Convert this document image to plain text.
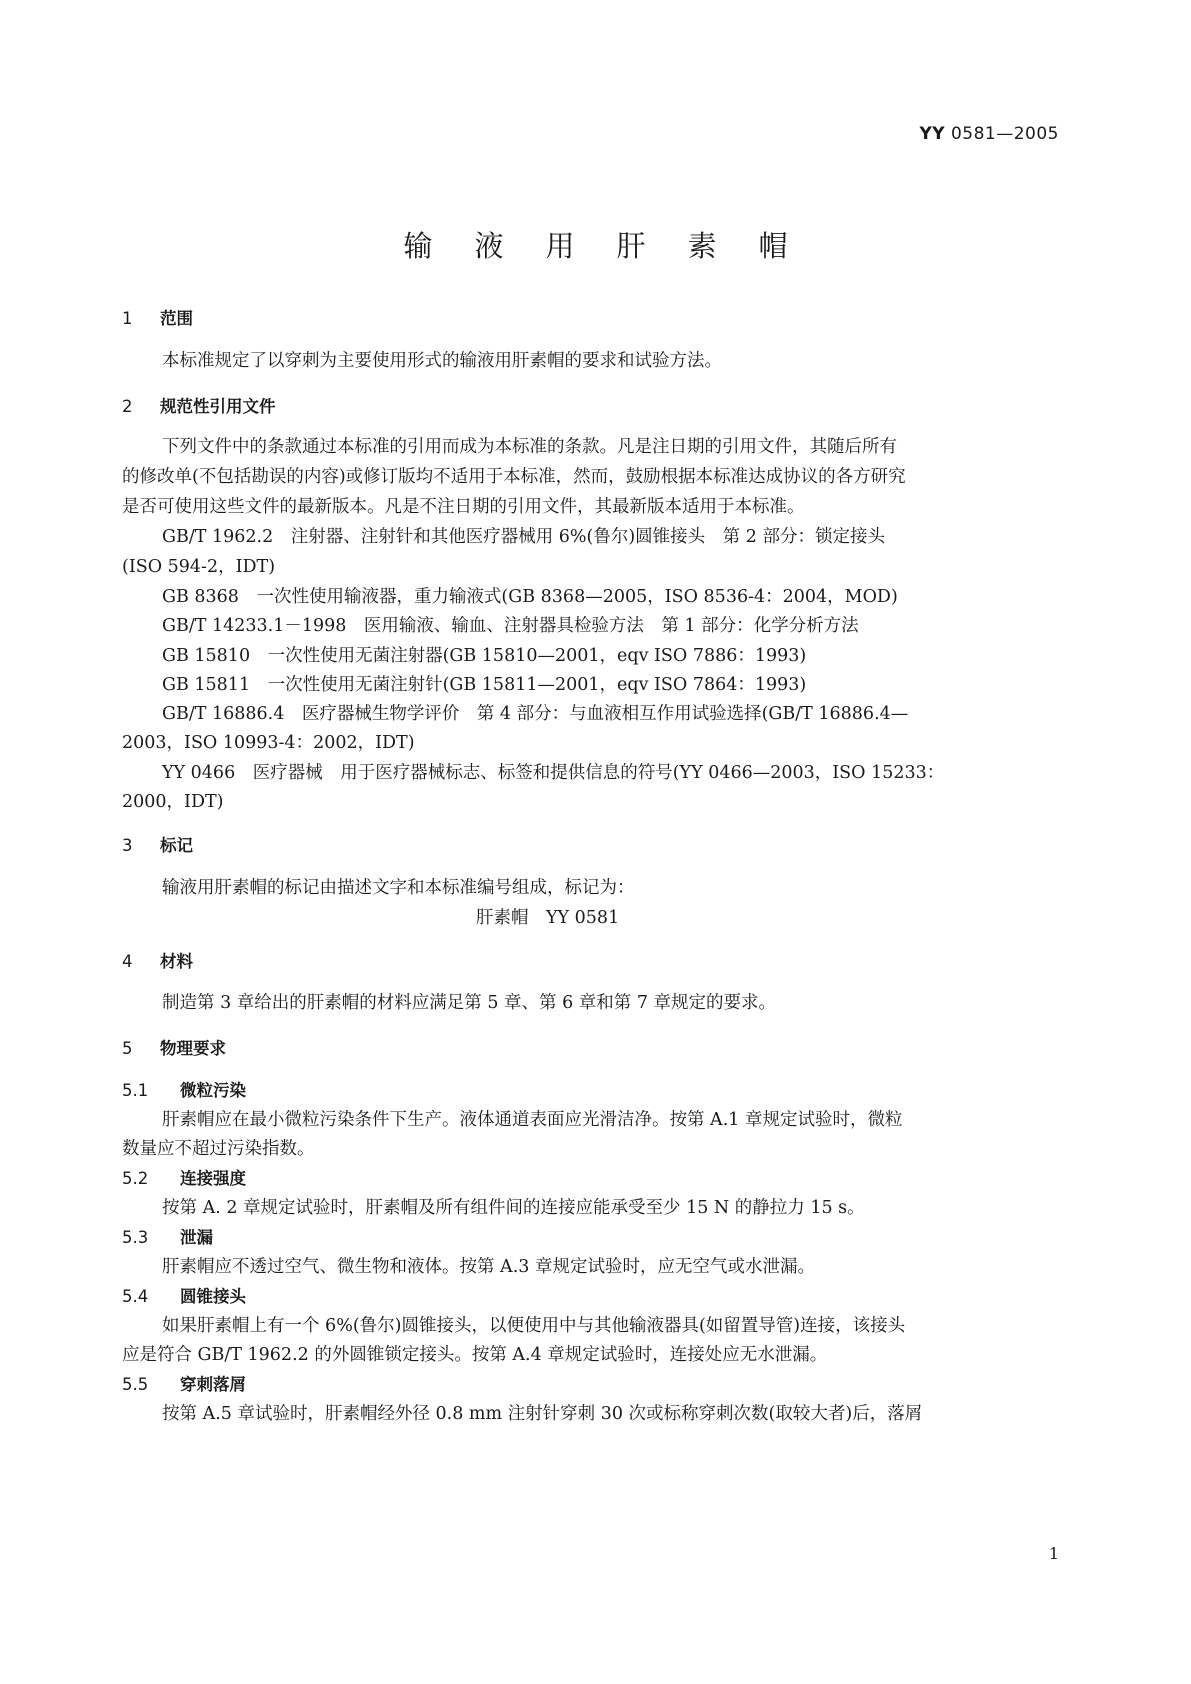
YY 0581—2005
输液用肝素帽
1 范围
本标准规定了以穿刺为主要使用形式的输液用肝素帽的要求和试验方法。
2 规范性引用文件
下列文件中的条款通过本标准的引用而成为本标准的条款。凡是注日期的引用文件，其随后所有
的修改单(不包括勘误的内容)或修订版均不适用于本标准，然而，鼓励根据本标准达成协议的各方研究
是否可使用这些文件的最新版本。凡是不注日期的引用文件，其最新版本适用于本标准。
GB/T 1962.2　注射器、注射针和其他医疗器械用 6%(鲁尔)圆锥接头　第 2 部分：锁定接头
(ISO 594-2，IDT)
GB 8368　一次性使用输液器，重力输液式(GB 8368—2005，ISO 8536-4：2004，MOD)
GB/T 14233.1－1998　医用输液、输血、注射器具检验方法　第 1 部分：化学分析方法
GB 15810　一次性使用无菌注射器(GB 15810—2001，eqv ISO 7886：1993)
GB 15811　一次性使用无菌注射针(GB 15811—2001，eqv ISO 7864：1993)
GB/T 16886.4　医疗器械生物学评价　第 4 部分：与血液相互作用试验选择(GB/T 16886.4—
2003，ISO 10993-4：2002，IDT)
YY 0466　医疗器械　用于医疗器械标志、标签和提供信息的符号(YY 0466—2003，ISO 15233：
2000，IDT)
3 标记
输液用肝素帽的标记由描述文字和本标准编号组成，标记为：
肝素帽　YY 0581
4 材料
制造第 3 章给出的肝素帽的材料应满足第 5 章、第 6 章和第 7 章规定的要求。
5 物理要求
5.1 微粒污染
肝素帽应在最小微粒污染条件下生产。液体通道表面应光滑洁净。按第 A.1 章规定试验时，微粒
数量应不超过污染指数。
5.2 连接强度
按第 A. 2 章规定试验时，肝素帽及所有组件间的连接应能承受至少 15 N 的静拉力 15 s。
5.3 泄漏
肝素帽应不透过空气、微生物和液体。按第 A.3 章规定试验时，应无空气或水泄漏。
5.4 圆锥接头
如果肝素帽上有一个 6%(鲁尔)圆锥接头，以便使用中与其他输液器具(如留置导管)连接，该接头
应是符合 GB/T 1962.2 的外圆锥锁定接头。按第 A.4 章规定试验时，连接处应无水泄漏。
5.5 穿刺落屑
按第 A.5 章试验时，肝素帽经外径 0.8 mm 注射针穿刺 30 次或标称穿刺次数(取较大者)后，落屑
1
